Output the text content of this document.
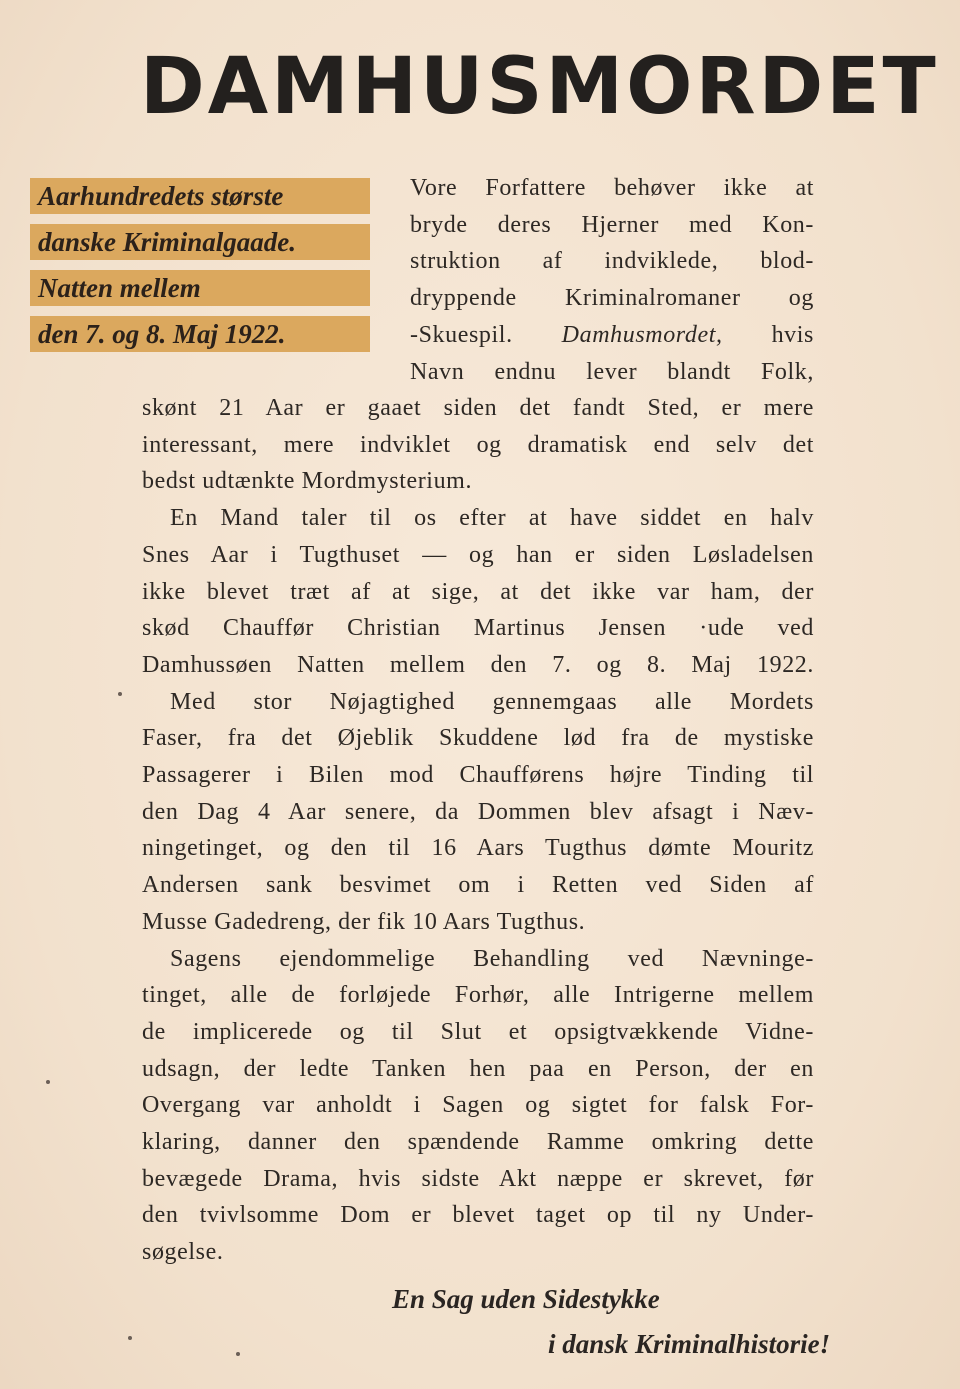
DAMHUSMORDET
Aarhundredets største
danske Kriminalgaade.
Natten mellem
den 7. og 8. Maj 1922.
Vore Forfattere behøver ikke at
bryde deres Hjerner med Kon-
struktion af indviklede, blod-
dryppende Kriminalromaner og
-Skuespil. Damhusmordet, hvis
Navn endnu lever blandt Folk,
skønt 21 Aar er gaaet siden det fandt Sted, er mere
interessant, mere indviklet og dramatisk end selv det
bedst udtænkte Mordmysterium.
En Mand taler til os efter at have siddet en halv
Snes Aar i Tugthuset — og han er siden Løsladelsen
ikke blevet træt af at sige, at det ikke var ham, der
skød Chauffør Christian Martinus Jensen ·ude ved
Damhussøen Natten mellem den 7. og 8. Maj 1922.
Med stor Nøjagtighed gennemgaas alle Mordets
Faser, fra det Øjeblik Skuddene lød fra de mystiske
Passagerer i Bilen mod Chaufførens højre Tinding til
den Dag 4 Aar senere, da Dommen blev afsagt i Næv-
ningetinget, og den til 16 Aars Tugthus dømte Mouritz
Andersen sank besvimet om i Retten ved Siden af
Musse Gadedreng, der fik 10 Aars Tugthus.
Sagens ejendommelige Behandling ved Nævninge-
tinget, alle de forløjede Forhør, alle Intrigerne mellem
de implicerede og til Slut et opsigtvækkende Vidne-
udsagn, der ledte Tanken hen paa en Person, der en
Overgang var anholdt i Sagen og sigtet for falsk For-
klaring, danner den spændende Ramme omkring dette
bevægede Drama, hvis sidste Akt næppe er skrevet, før
den tvivlsomme Dom er blevet taget op til ny Under-
søgelse.
En Sag uden Sidestykke
i dansk Kriminalhistorie!
